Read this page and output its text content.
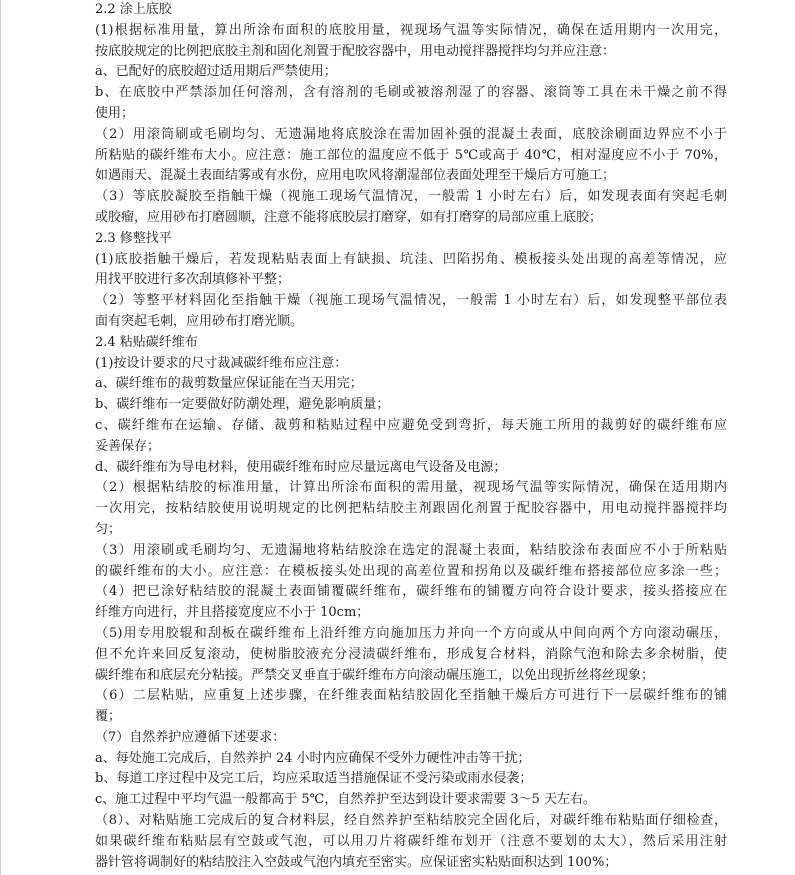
2.2 涂上底胶
(1)根据标准用量，算出所涂布面积的底胶用量，视现场气温等实际情况，确保在适用期内一次用完，
按底胶规定的比例把底胶主剂和固化剂置于配胶容器中，用电动搅拌器搅拌均匀并应注意：
a、已配好的底胶超过适用期后严禁使用；
b、在底胶中严禁添加任何溶剂，含有溶剂的毛刷或被溶剂湿了的容器、滚筒等工具在未干燥之前不得
使用；
（2）用滚筒刷或毛刷均匀、无遗漏地将底胶涂在需加固补强的混凝土表面，底胶涂刷面边界应不小于
所粘贴的碳纤维布大小。应注意：施工部位的温度应不低于 5℃或高于 40℃，相对湿度应不小于 70%，
如遇雨天、混凝土表面结雾或有水份，应用电吹风将潮湿部位表面处理至干燥后方可施工；
（3）等底胶凝胶至指触干燥（视施工现场气温情况，一般需 1 小时左右）后，如发现表面有突起毛刺
或胶瘤，应用砂布打磨圆顺，注意不能将底胶层打磨穿，如有打磨穿的局部应重上底胶；
2.3 修整找平
(1)底胶指触干燥后，若发现粘贴表面上有缺损、坑洼、凹陷拐角、模板接头处出现的高差等情况，应
用找平胶进行多次刮填修补平整；
（2）等整平材料固化至指触干燥（视施工现场气温情况，一般需 1 小时左右）后，如发现整平部位表
面有突起毛刺，应用砂布打磨光顺。
2.4 粘贴碳纤维布
(1)按设计要求的尺寸裁减碳纤维布应注意：
a、碳纤维布的裁剪数量应保证能在当天用完；
b、碳纤维布一定要做好防潮处理，避免影响质量；
c、碳纤维布在运输、存储、裁剪和粘贴过程中应避免受到弯折，每天施工所用的裁剪好的碳纤维布应
妥善保存；
d、碳纤维布为导电材料，使用碳纤维布时应尽量远离电气设备及电源；
（2）根据粘结胶的标准用量，计算出所涂布面积的需用量，视现场气温等实际情况，确保在适用期内
一次用完，按粘结胶使用说明规定的比例把粘结胶主剂跟固化剂置于配胶容器中，用电动搅拌器搅拌均
匀；
（3）用滚刷或毛刷均匀、无遗漏地将粘结胶涂在选定的混凝土表面，粘结胶涂布表面应不小于所粘贴
的碳纤维布的大小。应注意：在模板接头处出现的高差位置和拐角以及碳纤维布搭接部位应多涂一些；
（4）把已涂好粘结胶的混凝土表面铺覆碳纤维布，碳纤维布的铺覆方向符合设计要求，接头搭接应在
纤维方向进行，并且搭接宽度应不小于 10cm；
（5)用专用胶辊和刮板在碳纤维布上沿纤维方向施加压力并向一个方向或从中间向两个方向滚动碾压，
但不允许来回反复滚动，使树脂胶液充分浸渍碳纤维布，形成复合材料，消除气泡和除去多余树脂，使
碳纤维布和底层充分粘接。严禁交叉垂直于碳纤维布方向滚动碾压施工，以免出现折丝将丝现象；
（6）二层粘贴，应重复上述步骤，在纤维表面粘结胶固化至指触干燥后方可进行下一层碳纤维布的铺
覆；
（7）自然养护应遵循下述要求：
a、每处施工完成后，自然养护 24 小时内应确保不受外力硬性冲击等干扰；
b、每道工序过程中及完工后，均应采取适当措施保证不受污染或雨水侵袭；
c、施工过程中平均气温一般都高于 5℃，自然养护至达到设计要求需要 3～5 天左右。
（8）、对粘贴施工完成后的复合材料层，经自然养护至粘结胶完全固化后，对碳纤维布粘贴面仔细检查，
如果碳纤维布粘贴层有空鼓或气泡，可以用刀片将碳纤维布划开（注意不要划的太大），然后采用注射
器针管将调制好的粘结胶注入空鼓或气泡内填充至密实。应保证密实粘贴面积达到 100%；
